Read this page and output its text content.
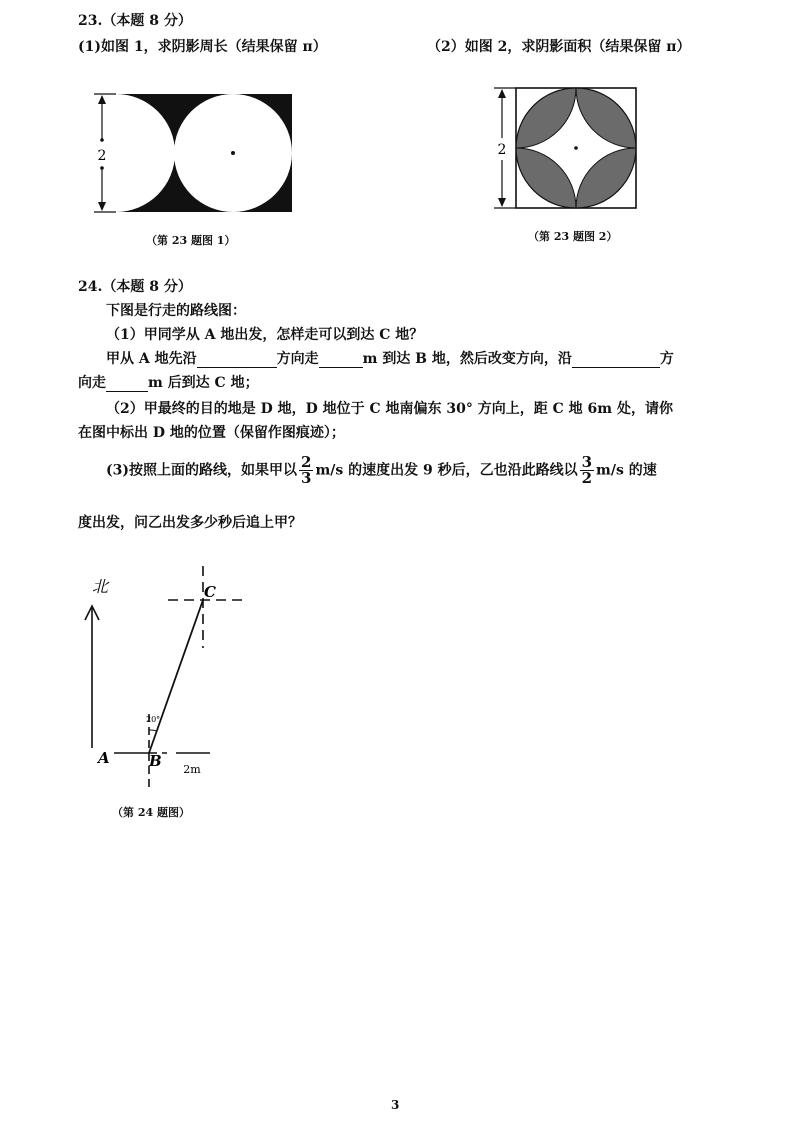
23.（本题 8 分）
(1)如图 1，求阴影周长（结果保留 π）	（2）如图 2，求阴影面积（结果保留 π）
2
（第 23 题图 1）
2
（第 23 题图 2）
24.（本题 8 分）
下图是行走的路线图：
（1）甲同学从 A 地出发，怎样走可以到达 C 地？
甲从 A 地先沿	方向走	m 到达 B 地，然后改变方向，沿	方
向走	m 后到达 C 地；
（2）甲最终的目的地是 D 地，D 地位于 C 地南偏东 30° 方向上，距 C 地 6m 处，请你
在图中标出 D 地的位置（保留作图痕迹）；
(3)按照上面的路线，如果甲以 $\frac{2}{3} m/s$ 的速度出发 9 秒后，乙也沿此路线以 $\frac{3}{2} m/s$ 的速
度出发，问乙出发多少秒后追上甲？
北
2m
20°
A	B
C
（第 24 题图）
3
